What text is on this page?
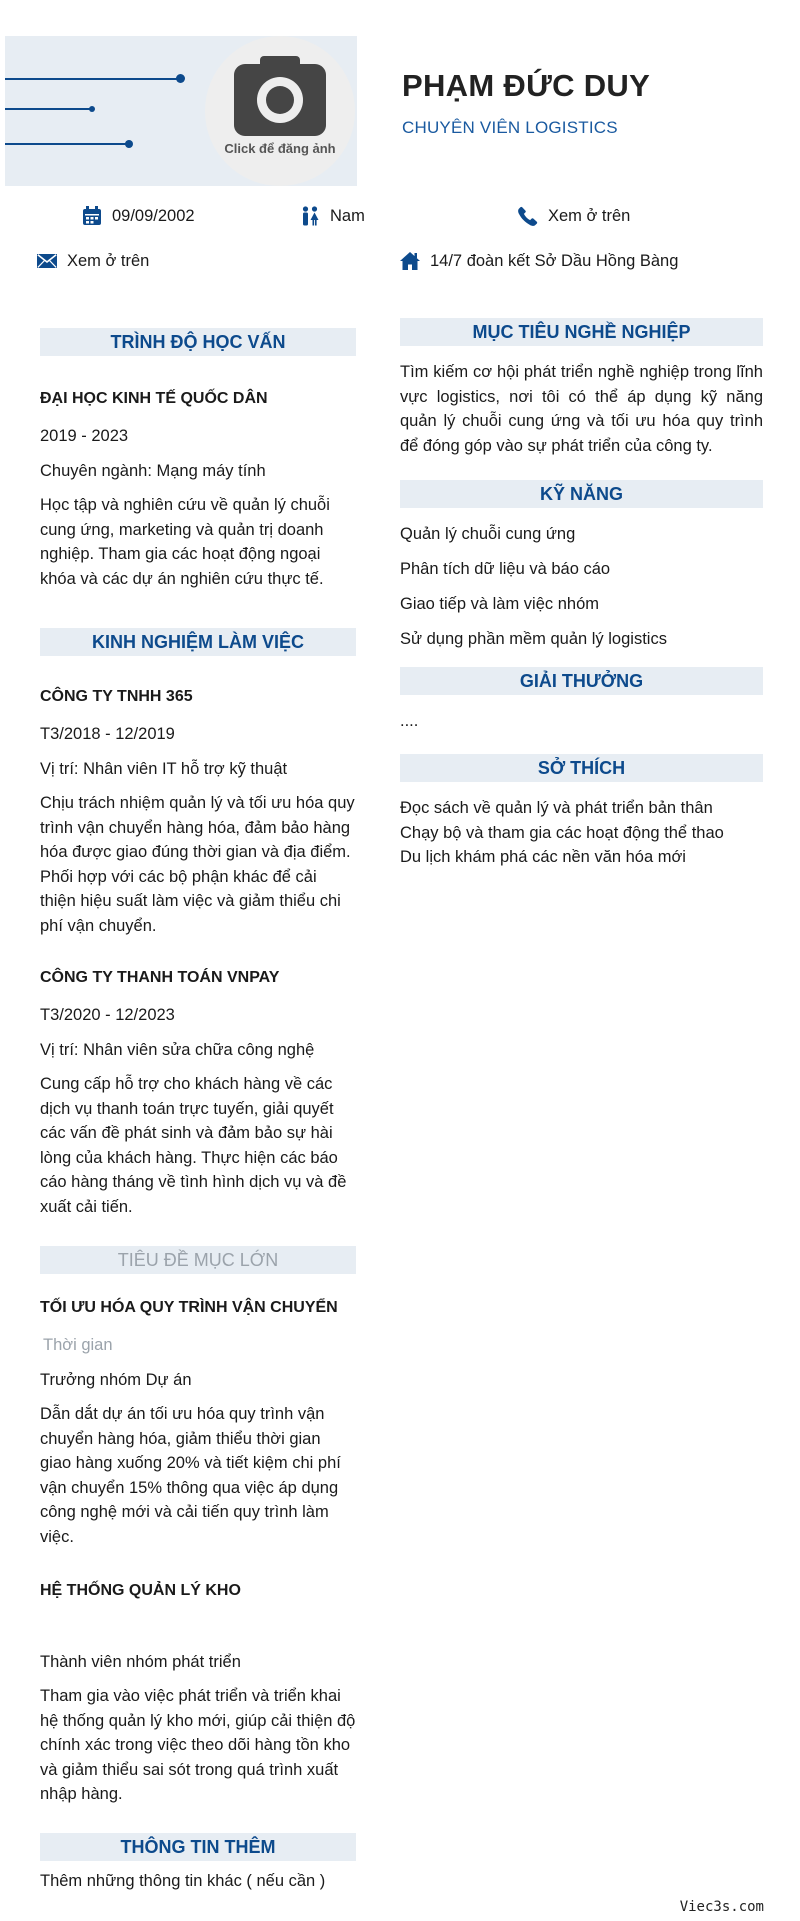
Click để đăng ảnh
PHẠM ĐỨC DUY
CHUYÊN VIÊN LOGISTICS
09/09/2002	Nam	Xem ở trên
Xem ở trên	14/7 đoàn kết Sở Dầu Hồng Bàng
TRÌNH ĐỘ HỌC VẤN
ĐẠI HỌC KINH TẾ QUỐC DÂN
2019 - 2023
Chuyên ngành: Mạng máy tính
Học tập và nghiên cứu về quản lý chuỗi cung ứng, marketing và quản trị doanh nghiệp. Tham gia các hoạt động ngoại khóa và các dự án nghiên cứu thực tế.
KINH NGHIỆM LÀM VIỆC
CÔNG TY TNHH 365
T3/2018 - 12/2019
Vị trí: Nhân viên IT hỗ trợ kỹ thuật
Chịu trách nhiệm quản lý và tối ưu hóa quy trình vận chuyển hàng hóa, đảm bảo hàng hóa được giao đúng thời gian và địa điểm. Phối hợp với các bộ phận khác để cải thiện hiệu suất làm việc và giảm thiểu chi phí vận chuyển.
CÔNG TY THANH TOÁN VNPAY
T3/2020 - 12/2023
Vị trí: Nhân viên sửa chữa công nghệ
Cung cấp hỗ trợ cho khách hàng về các dịch vụ thanh toán trực tuyến, giải quyết các vấn đề phát sinh và đảm bảo sự hài lòng của khách hàng. Thực hiện các báo cáo hàng tháng về tình hình dịch vụ và đề xuất cải tiến.
TIÊU ĐỀ MỤC LỚN
TỐI ƯU HÓA QUY TRÌNH VẬN CHUYỂN
Thời gian
Trưởng nhóm Dự án
Dẫn dắt dự án tối ưu hóa quy trình vận chuyển hàng hóa, giảm thiểu thời gian giao hàng xuống 20% và tiết kiệm chi phí vận chuyển 15% thông qua việc áp dụng công nghệ mới và cải tiến quy trình làm việc.
HỆ THỐNG QUẢN LÝ KHO
Thành viên nhóm phát triển
Tham gia vào việc phát triển và triển khai hệ thống quản lý kho mới, giúp cải thiện độ chính xác trong việc theo dõi hàng tồn kho và giảm thiểu sai sót trong quá trình xuất nhập hàng.
THÔNG TIN THÊM
Thêm những thông tin khác ( nếu cần )
MỤC TIÊU NGHỀ NGHIỆP
Tìm kiếm cơ hội phát triển nghề nghiệp trong lĩnh vực logistics, nơi tôi có thể áp dụng kỹ năng quản lý chuỗi cung ứng và tối ưu hóa quy trình để đóng góp vào sự phát triển của công ty.
KỸ NĂNG
Quản lý chuỗi cung ứng
Phân tích dữ liệu và báo cáo
Giao tiếp và làm việc nhóm
Sử dụng phần mềm quản lý logistics
GIẢI THƯỞNG
....
SỞ THÍCH
Đọc sách về quản lý và phát triển bản thân
Chạy bộ và tham gia các hoạt động thể thao
Du lịch khám phá các nền văn hóa mới
Viec3s.com
